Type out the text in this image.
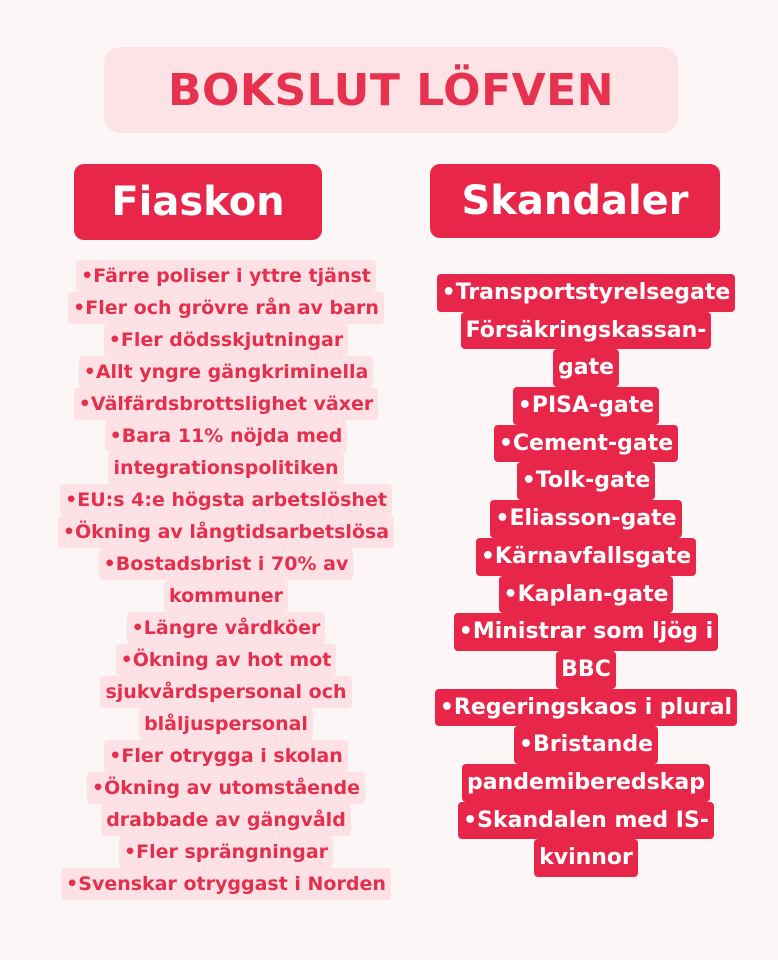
BOKSLUT LÖFVEN
Fiaskon	Skandaler
•Färre poliser i yttre tjänst
•Fler och grövre rån av barn
•Fler dödsskjutningar
•Allt yngre gängkriminella
•Välfärdsbrottslighet växer
•Bara 11% nöjda med
integrationspolitiken
•EU:s 4:e högsta arbetslöshet
•Ökning av långtidsarbetslösa
•Bostadsbrist i 70% av
kommuner
•Längre vårdköer
•Ökning av hot mot
sjukvårdspersonal och
blåljuspersonal
•Fler otrygga i skolan
•Ökning av utomstående
drabbade av gängvåld
•Fler sprängningar
•Svenskar otryggast i Norden
•Transportstyrelsegate
Försäkringskassan-
gate
•PISA-gate
•Cement-gate
•Tolk-gate
•Eliasson-gate
•Kärnavfallsgate
•Kaplan-gate
•Ministrar som ljög i
BBC
•Regeringskaos i plural
•Bristande
pandemiberedskap
•Skandalen med IS-
kvinnor
